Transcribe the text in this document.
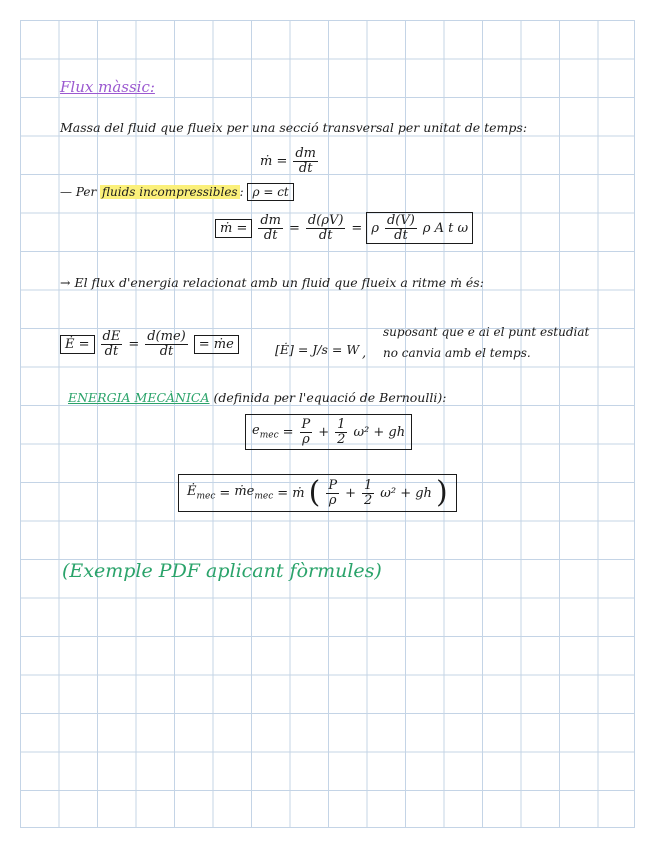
Flux màssic:
Massa del fluid que flueix per una secció transversal per unitat de temps:
ṁ = $\frac{dm}{dt}$
— Per fluids incompressibles : ρ = ct
ṁ = $\frac{dm}{dt} = \frac{d(\rho V)}{dt} = \rho \frac{d(V)}{dt}$ ρ A t ω
→ El flux d'energia relacionat amb un fluid que flueix a ritme ṁ és:
Ė = $\frac{dE}{dt} = \frac{d(me)}{dt}$ = ṁe	[Ė] = J/s = W ,
suposant que e ai el punt estudiat
no canvia amb el temps.
ENERGIA MECÀNICA (definida per l'equació de Bernoulli):
$e_{mec} = \frac{P}{\rho} + \frac{1}{2} \omega^2$ + gh
$Ė_{mec}$ = ṁe$_{mec}$ = ṁ ( $\frac{P}{\rho} + \frac{1}{2} \omega^2$ + gh )
(Exemple PDF aplicant fòrmules)
